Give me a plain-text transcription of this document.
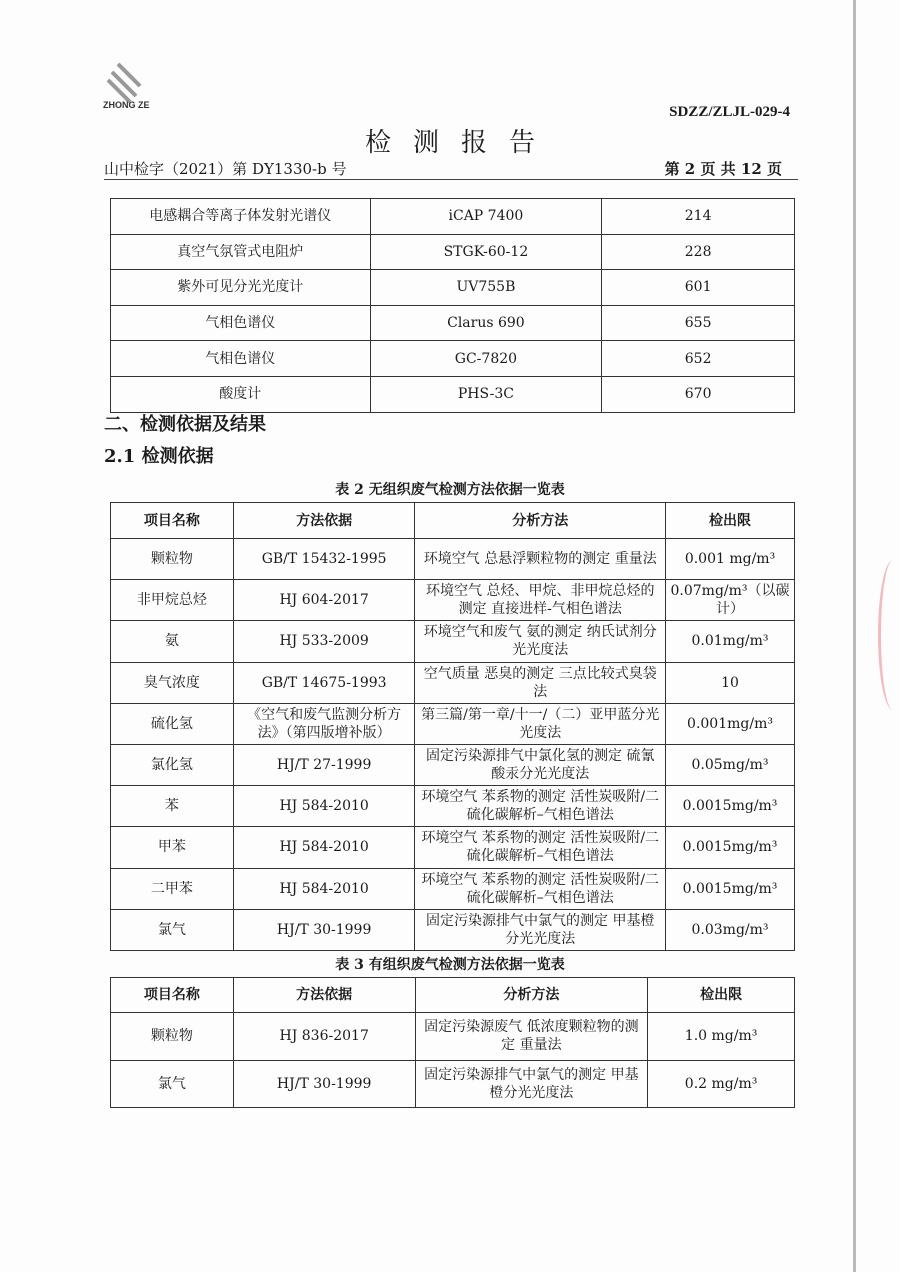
ZHONG ZE	SDZZ/ZLJL-029-4
检测报告
山中检字（2021）第 DY1330-b 号	第 2 页 共 12 页
电感耦合等离子体发射光谱仪	iCAP 7400	214
真空气氛管式电阻炉	STGK-60-12	228
紫外可见分光光度计	UV755B	601
气相色谱仪	Clarus 690	655
气相色谱仪	GC-7820	652
酸度计	PHS-3C	670
二、检测依据及结果
2.1 检测依据
表 2 无组织废气检测方法依据一览表
项目名称	方法依据	分析方法	检出限
颗粒物	GB/T 15432-1995	环境空气 总悬浮颗粒物的测定 重量法	0.001 mg/m³
非甲烷总烃	HJ 604-2017	环境空气 总烃、甲烷、非甲烷总烃的测定 直接进样-气相色谱法	0.07mg/m³（以碳计）
氨	HJ 533-2009	环境空气和废气 氨的测定 纳氏试剂分光光度法	0.01mg/m³
臭气浓度	GB/T 14675-1993	空气质量 恶臭的测定 三点比较式臭袋法	10
硫化氢	《空气和废气监测分析方法》（第四版增补版）	第三篇/第一章/十一/（二）亚甲蓝分光光度法	0.001mg/m³
氯化氢	HJ/T 27-1999	固定污染源排气中氯化氢的测定 硫氰酸汞分光光度法	0.05mg/m³
苯	HJ 584-2010	环境空气 苯系物的测定 活性炭吸附/二硫化碳解析–气相色谱法	0.0015mg/m³
甲苯	HJ 584-2010	环境空气 苯系物的测定 活性炭吸附/二硫化碳解析–气相色谱法	0.0015mg/m³
二甲苯	HJ 584-2010	环境空气 苯系物的测定 活性炭吸附/二硫化碳解析–气相色谱法	0.0015mg/m³
氯气	HJ/T 30-1999	固定污染源排气中氯气的测定 甲基橙分光光度法	0.03mg/m³
表 3 有组织废气检测方法依据一览表
项目名称	方法依据	分析方法	检出限
颗粒物	HJ 836-2017	固定污染源废气 低浓度颗粒物的测定 重量法	1.0 mg/m³
氯气	HJ/T 30-1999	固定污染源排气中氯气的测定 甲基橙分光光度法	0.2 mg/m³
